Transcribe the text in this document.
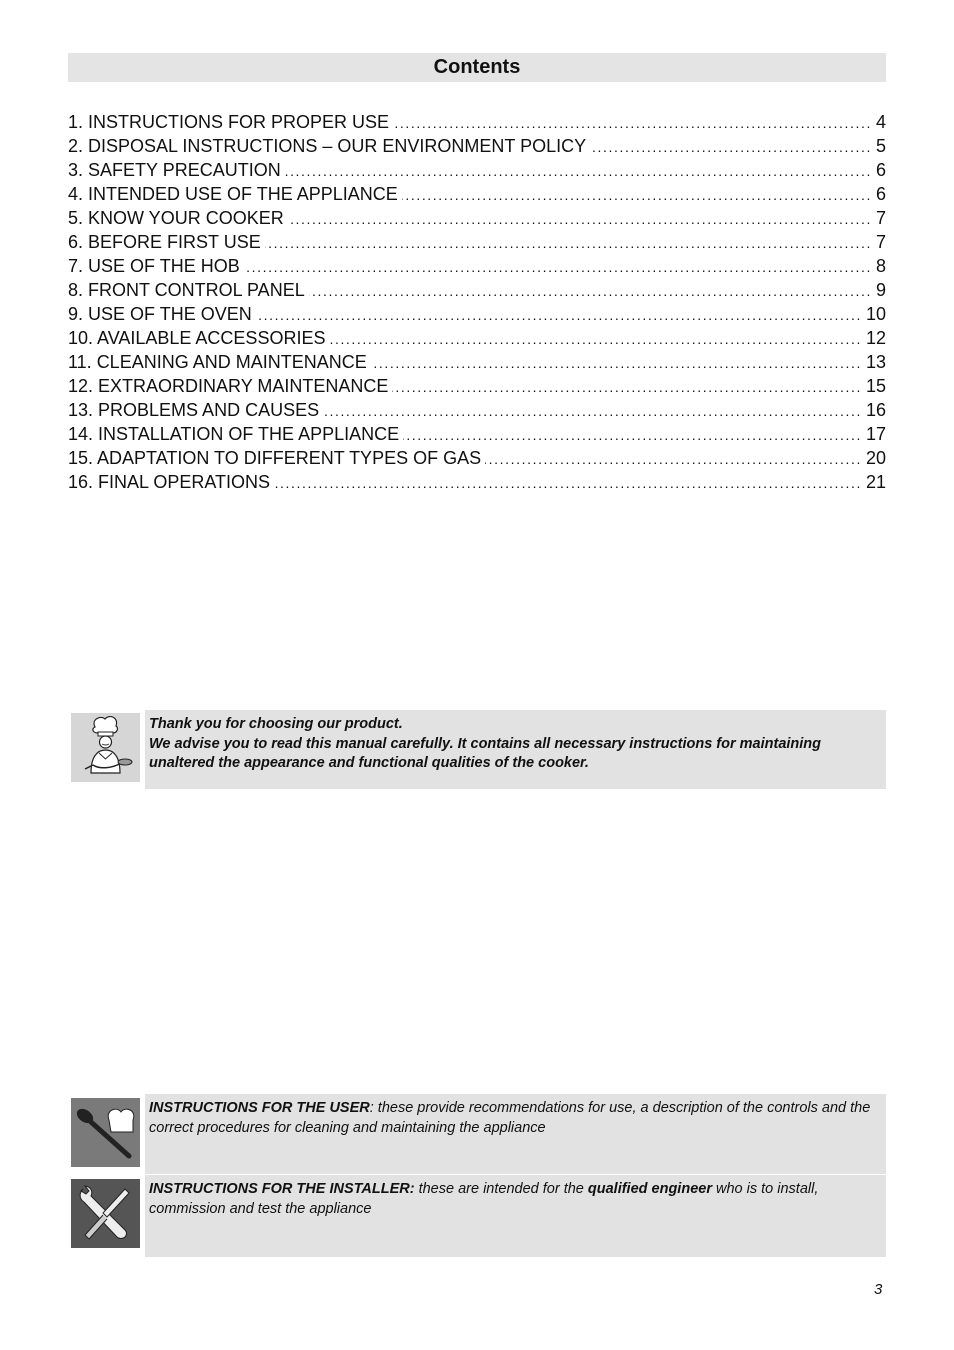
Contents
1. INSTRUCTIONS FOR PROPER USE .....	4
2. DISPOSAL INSTRUCTIONS – OUR ENVIRONMENT POLICY .....	5
3. SAFETY PRECAUTION .....	6
4. INTENDED USE OF THE APPLIANCE .....	6
5. KNOW YOUR COOKER .....	7
6. BEFORE FIRST USE .....	7
7. USE OF THE HOB .....	8
8. FRONT CONTROL PANEL .....	9
9. USE OF THE OVEN .....	10
10. AVAILABLE ACCESSORIES .....	12
11. CLEANING AND MAINTENANCE .....	13
12. EXTRAORDINARY MAINTENANCE .....	15
13. PROBLEMS AND CAUSES .....	16
14. INSTALLATION OF THE APPLIANCE .....	17
15. ADAPTATION TO DIFFERENT TYPES OF GAS .....	20
16. FINAL OPERATIONS .....	21
Thank you for choosing our product.
We advise you to read this manual carefully. It contains all necessary instructions for maintaining unaltered the appearance and functional qualities of the cooker.
INSTRUCTIONS FOR THE USER: these provide recommendations for use, a description of the controls and the correct procedures for cleaning and maintaining the appliance
INSTRUCTIONS FOR THE INSTALLER: these are intended for the qualified engineer who is to install, commission and test the appliance
3
